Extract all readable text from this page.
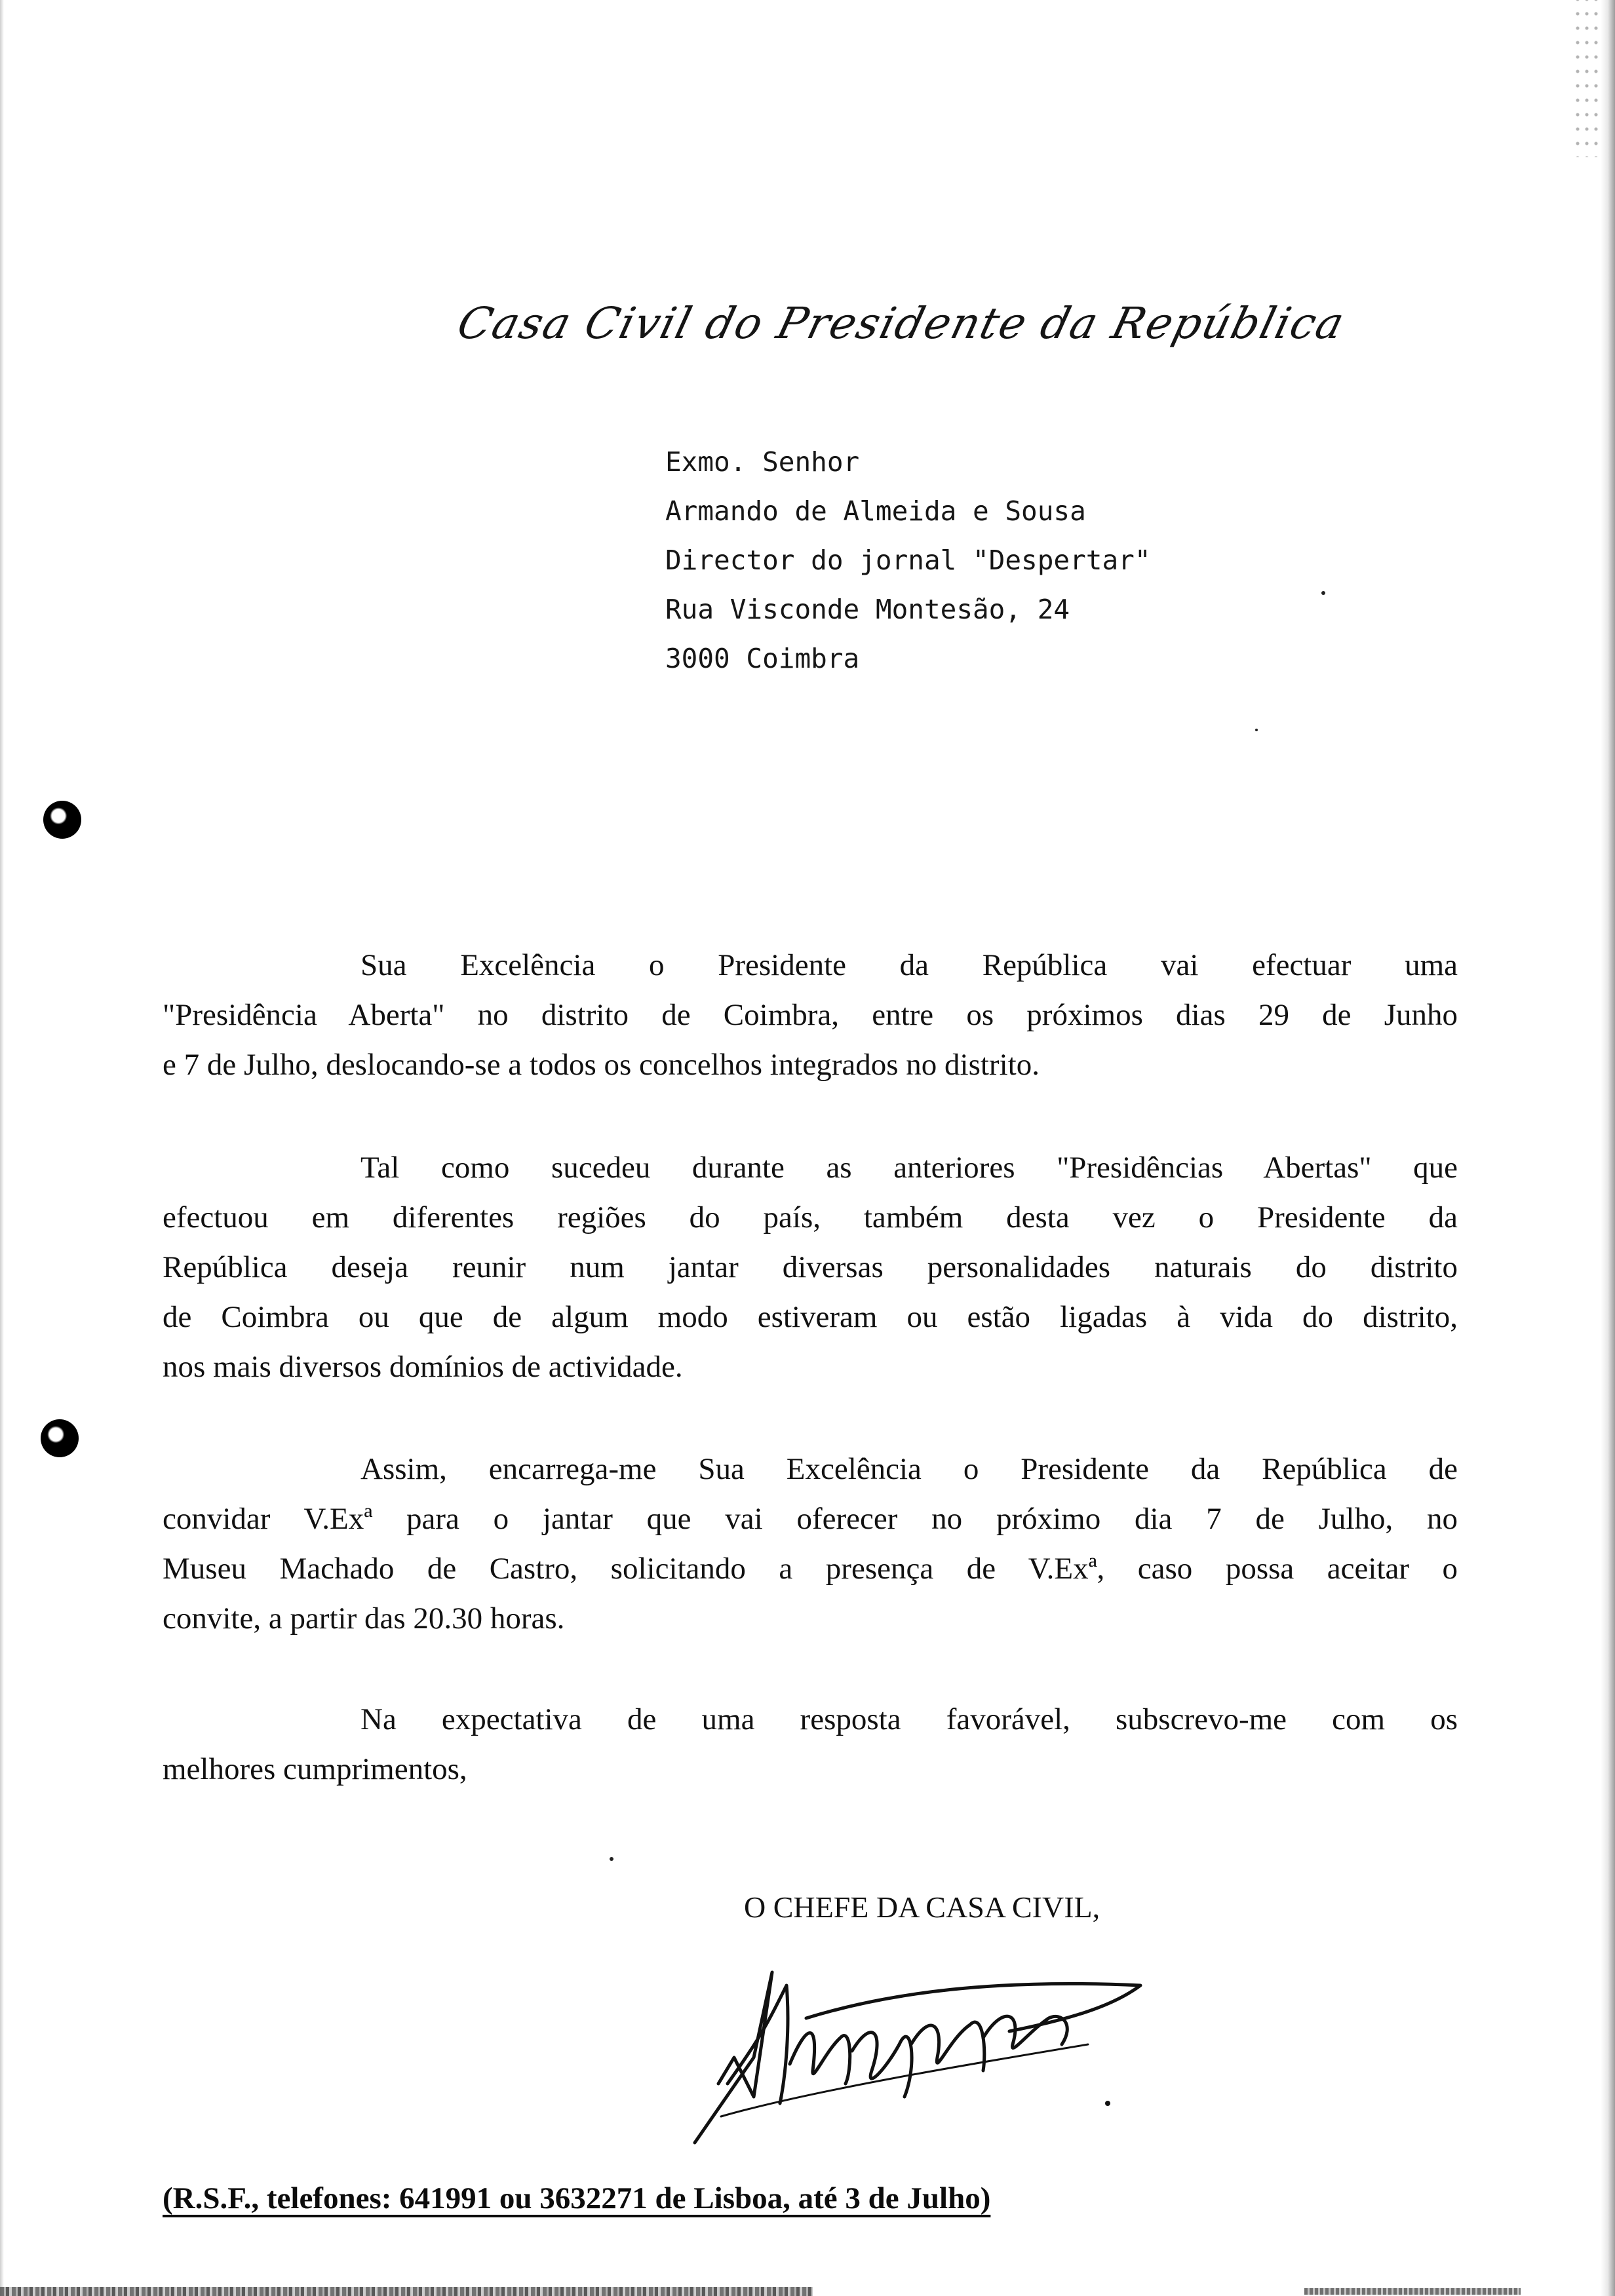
Casa Civil do Presidente da República
Exmo. Senhor
Armando de Almeida e Sousa
Director do jornal "Despertar"
Rua Visconde Montesão, 24
3000 Coimbra
Sua Excelência o Presidente da República vai efectuar uma
"Presidência Aberta" no distrito de Coimbra, entre os próximos dias 29 de Junho
e 7 de Julho, deslocando-se a todos os concelhos integrados no distrito.
Tal como sucedeu durante as anteriores "Presidências Abertas" que
efectuou em diferentes regiões do país, também desta vez o Presidente da
República deseja reunir num jantar diversas personalidades naturais do distrito
de Coimbra ou que de algum modo estiveram ou estão ligadas à vida do distrito,
nos mais diversos domínios de actividade.
Assim, encarrega-me Sua Excelência o Presidente da República de
convidar V.Exª para o jantar que vai oferecer no próximo dia 7 de Julho, no
Museu Machado de Castro, solicitando a presença de V.Exª, caso possa aceitar o
convite, a partir das 20.30 horas.
Na expectativa de uma resposta favorável, subscrevo-me com os
melhores cumprimentos,
O CHEFE DA CASA CIVIL,
(R.S.F., telefones: 641991 ou 3632271 de Lisboa, até 3 de Julho)
